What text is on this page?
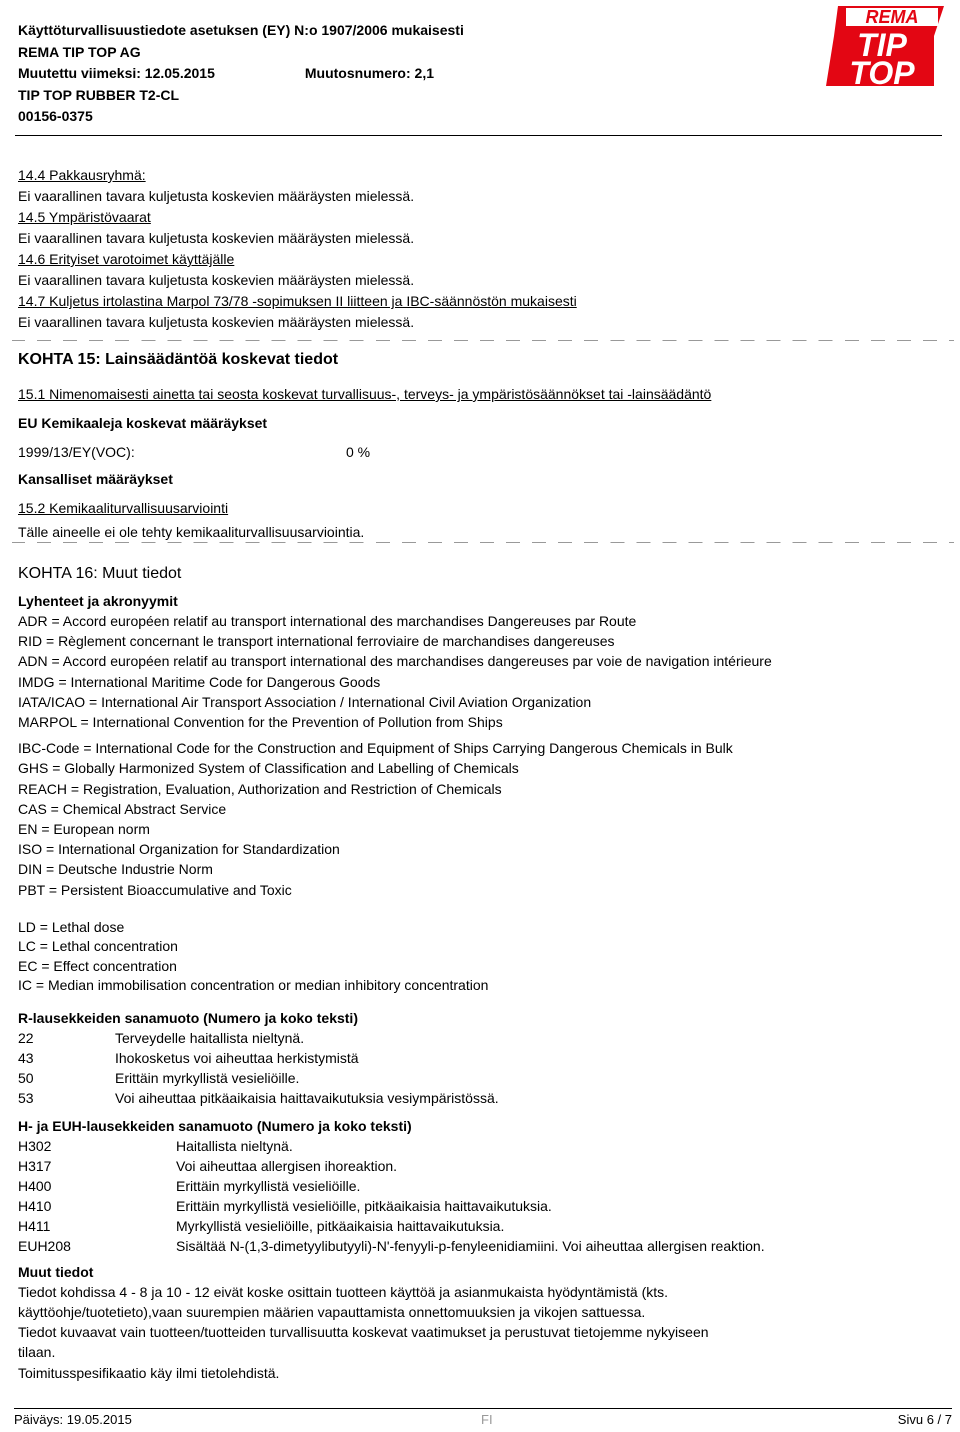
Käyttöturvallisuustiedote asetuksen (EY) N:o 1907/2006 mukaisesti
REMA TIP TOP AG
Muutettu viimeksi: 12.05.2015	Muutosnumero: 2,1
TIP TOP RUBBER T2-CL
00156-0375
REMA
TIP
TOP
14.4 Pakkausryhmä:
Ei vaarallinen tavara kuljetusta koskevien määräysten mielessä.
14.5 Ympäristövaarat
Ei vaarallinen tavara kuljetusta koskevien määräysten mielessä.
14.6 Erityiset varotoimet käyttäjälle
Ei vaarallinen tavara kuljetusta koskevien määräysten mielessä.
14.7 Kuljetus irtolastina Marpol 73/78 -sopimuksen II liitteen ja IBC-säännöstön mukaisesti
Ei vaarallinen tavara kuljetusta koskevien määräysten mielessä.
KOHTA 15: Lainsäädäntöä koskevat tiedot
15.1 Nimenomaisesti ainetta tai seosta koskevat turvallisuus-, terveys- ja ympäristösäännökset tai -lainsäädäntö
EU Kemikaaleja koskevat määräykset
1999/13/EY(VOC):	0 %
Kansalliset määräykset
15.2 Kemikaaliturvallisuusarviointi
Tälle aineelle ei ole tehty kemikaaliturvallisuusarviointia.
KOHTA 16: Muut tiedot
Lyhenteet ja akronyymit
ADR = Accord européen relatif au transport international des marchandises Dangereuses par Route
RID = Règlement concernant le transport international ferroviaire de marchandises dangereuses
ADN = Accord européen relatif au transport international des marchandises dangereuses par voie de navigation intérieure
IMDG = International Maritime Code for Dangerous Goods
IATA/ICAO = International Air Transport Association / International Civil Aviation Organization
MARPOL = International Convention for the Prevention of Pollution from Ships
IBC-Code = International Code for the Construction and Equipment of Ships Carrying Dangerous Chemicals in Bulk
GHS = Globally Harmonized System of Classification and Labelling of Chemicals
REACH = Registration, Evaluation, Authorization and Restriction of Chemicals
CAS = Chemical Abstract Service
EN = European norm
ISO = International Organization for Standardization
DIN = Deutsche Industrie Norm
PBT = Persistent Bioaccumulative and Toxic
LD = Lethal dose
LC = Lethal concentration
EC = Effect concentration
IC = Median immobilisation concentration or median inhibitory concentration
R-lausekkeiden sanamuoto (Numero ja koko teksti)
22	Terveydelle haitallista nieltynä.
43	Ihokosketus voi aiheuttaa herkistymistä
50	Erittäin myrkyllistä vesieliöille.
53	Voi aiheuttaa pitkäaikaisia haittavaikutuksia vesiympäristössä.
H- ja EUH-lausekkeiden sanamuoto (Numero ja koko teksti)
H302	Haitallista nieltynä.
H317	Voi aiheuttaa allergisen ihoreaktion.
H400	Erittäin myrkyllistä vesieliöille.
H410	Erittäin myrkyllistä vesieliöille, pitkäaikaisia haittavaikutuksia.
H411	Myrkyllistä vesieliöille, pitkäaikaisia haittavaikutuksia.
EUH208	Sisältää N-(1,3-dimetyylibutyyli)-N'-fenyyli-p-fenyleenidiamiini. Voi aiheuttaa allergisen reaktion.
Muut tiedot
Tiedot kohdissa 4 - 8 ja 10 - 12 eivät koske osittain tuotteen käyttöä ja asianmukaista hyödyntämistä (kts.
käyttöohje/tuotetieto),vaan suurempien määrien vapauttamista onnettomuuksien ja vikojen sattuessa.
Tiedot kuvaavat vain tuotteen/tuotteiden turvallisuutta koskevat vaatimukset ja perustuvat tietojemme nykyiseen
tilaan.
Toimitusspesifikaatio käy ilmi tietolehdistä.
Päiväys: 19.05.2015	FI	Sivu 6 / 7
